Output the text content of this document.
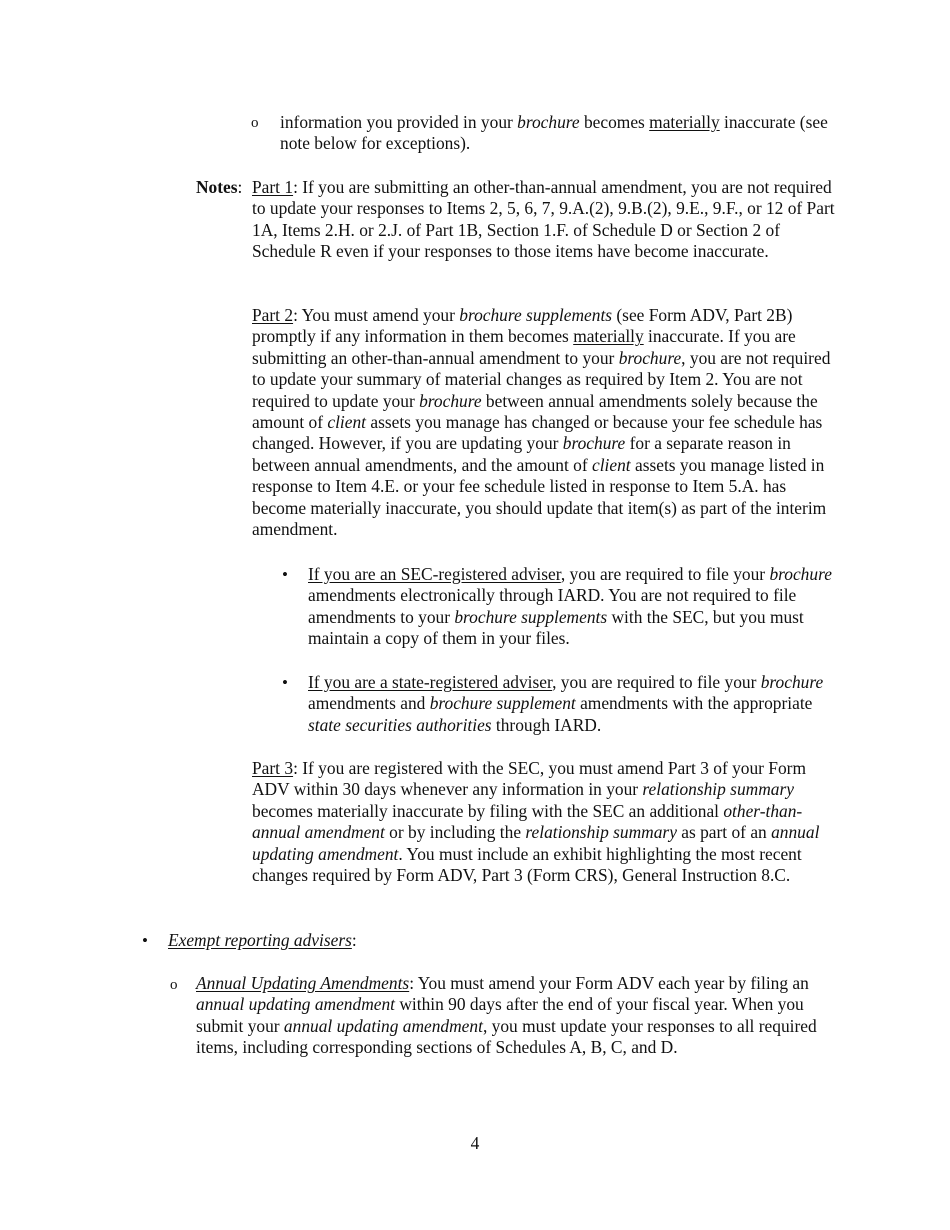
o information you provided in your brochure becomes materially inaccurate (see note below for exceptions).

Notes: Part 1: If you are submitting an other-than-annual amendment, you are not required to update your responses to Items 2, 5, 6, 7, 9.A.(2), 9.B.(2), 9.E., 9.F., or 12 of Part 1A, Items 2.H. or 2.J. of Part 1B, Section 1.F. of Schedule D or Section 2 of Schedule R even if your responses to those items have become inaccurate.

Part 2: You must amend your brochure supplements (see Form ADV, Part 2B) promptly if any information in them becomes materially inaccurate. If you are submitting an other-than-annual amendment to your brochure, you are not required to update your summary of material changes as required by Item 2. You are not required to update your brochure between annual amendments solely because the amount of client assets you manage has changed or because your fee schedule has changed. However, if you are updating your brochure for a separate reason in between annual amendments, and the amount of client assets you manage listed in response to Item 4.E. or your fee schedule listed in response to Item 5.A. has become materially inaccurate, you should update that item(s) as part of the interim amendment.

• If you are an SEC-registered adviser, you are required to file your brochure amendments electronically through IARD. You are not required to file amendments to your brochure supplements with the SEC, but you must maintain a copy of them in your files.

• If you are a state-registered adviser, you are required to file your brochure amendments and brochure supplement amendments with the appropriate state securities authorities through IARD.

Part 3: If you are registered with the SEC, you must amend Part 3 of your Form ADV within 30 days whenever any information in your relationship summary becomes materially inaccurate by filing with the SEC an additional other-than-annual amendment or by including the relationship summary as part of an annual updating amendment. You must include an exhibit highlighting the most recent changes required by Form ADV, Part 3 (Form CRS), General Instruction 8.C.

• Exempt reporting advisers:

o Annual Updating Amendments: You must amend your Form ADV each year by filing an annual updating amendment within 90 days after the end of your fiscal year. When you submit your annual updating amendment, you must update your responses to all required items, including corresponding sections of Schedules A, B, C, and D.

4
